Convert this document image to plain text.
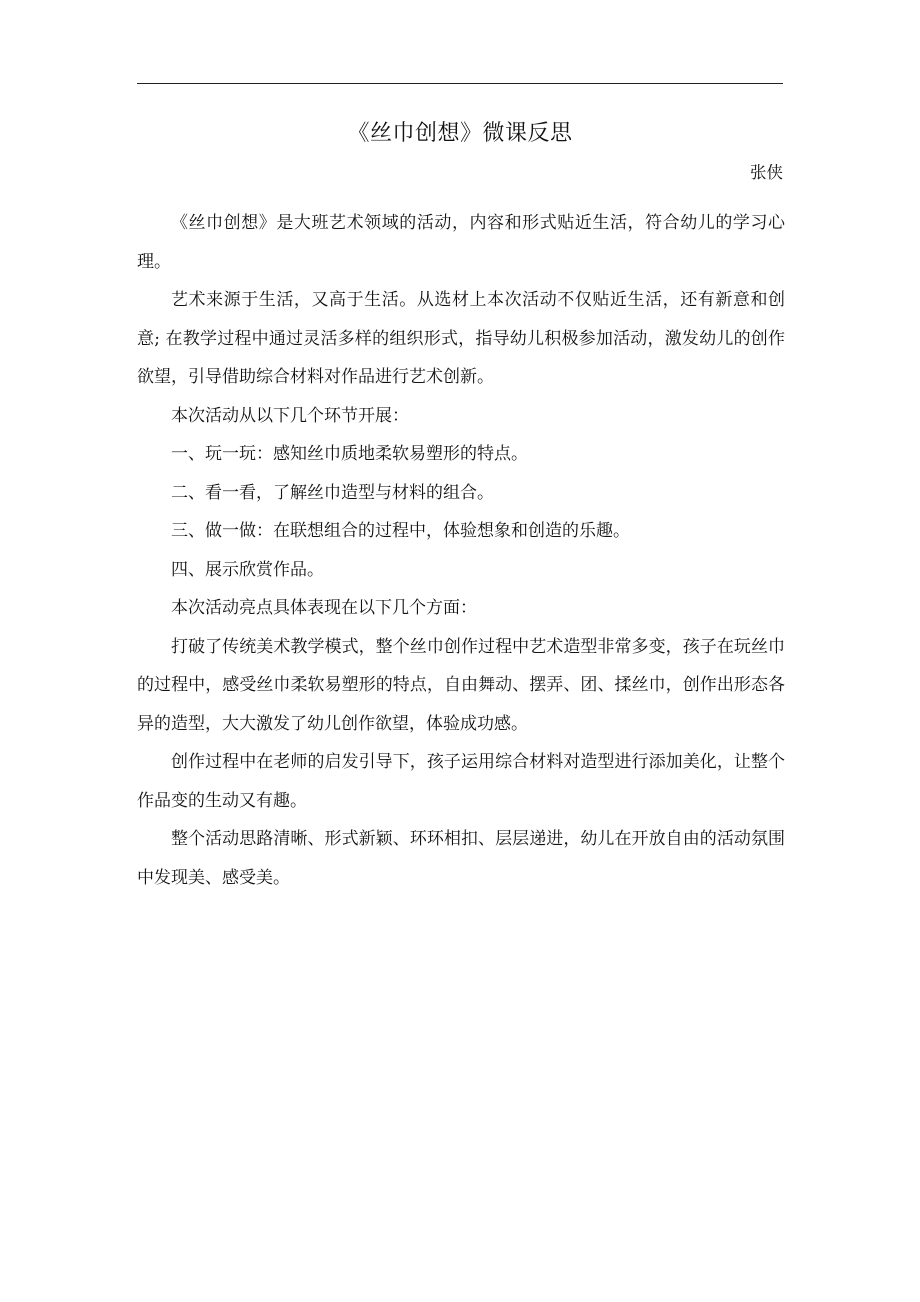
《丝巾创想》微课反思
张侠

《丝巾创想》是大班艺术领域的活动，内容和形式贴近生活，符合幼儿的学习心理。

艺术来源于生活，又高于生活。从选材上本次活动不仅贴近生活，还有新意和创意; 在教学过程中通过灵活多样的组织形式，指导幼儿积极参加活动，激发幼儿的创作欲望，引导借助综合材料对作品进行艺术创新。

本次活动从以下几个环节开展：

一、玩一玩：感知丝巾质地柔软易塑形的特点。

二、看一看，了解丝巾造型与材料的组合。

三、做一做：在联想组合的过程中，体验想象和创造的乐趣。

四、展示欣赏作品。

本次活动亮点具体表现在以下几个方面：

打破了传统美术教学模式，整个丝巾创作过程中艺术造型非常多变，孩子在玩丝巾的过程中，感受丝巾柔软易塑形的特点，自由舞动、摆弄、团、揉丝巾，创作出形态各异的造型，大大激发了幼儿创作欲望，体验成功感。

创作过程中在老师的启发引导下，孩子运用综合材料对造型进行添加美化，让整个作品变的生动又有趣。

整个活动思路清晰、形式新颖、环环相扣、层层递进，幼儿在开放自由的活动氛围中发现美、感受美。
